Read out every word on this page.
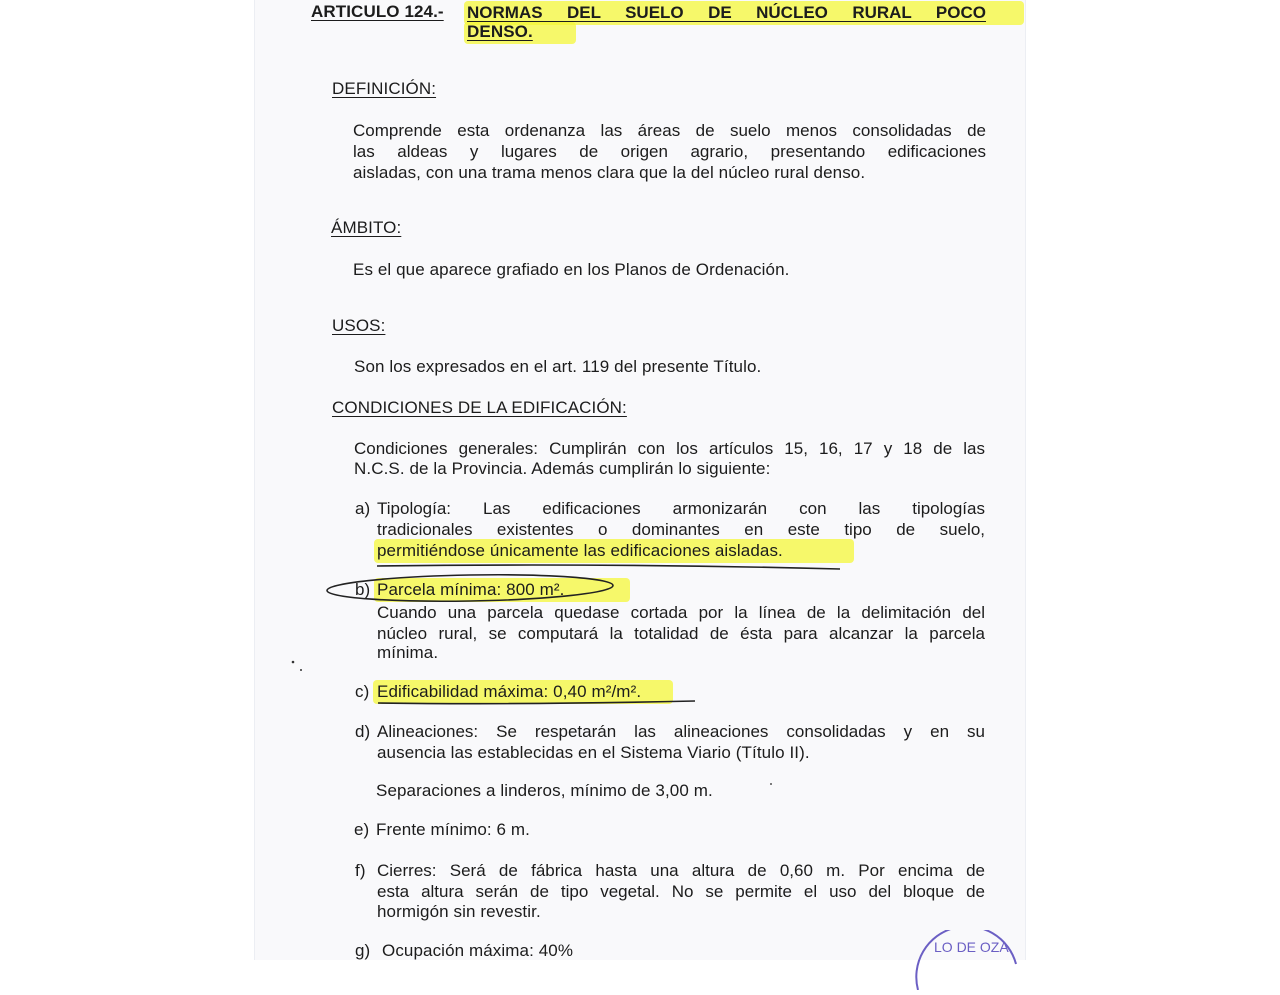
ARTICULO 124.- NORMAS DEL SUELO DE NÚCLEO RURAL POCO
DENSO.
DEFINICIÓN:
Comprende esta ordenanza las áreas de suelo menos consolidadas de
las aldeas y lugares de origen agrario, presentando edificaciones
aisladas, con una trama menos clara que la del núcleo rural denso.
ÁMBITO:
Es el que aparece grafiado en los Planos de Ordenación.
USOS:
Son los expresados en el art. 119 del presente Título.
CONDICIONES DE LA EDIFICACIÓN:
Condiciones generales: Cumplirán con los artículos 15, 16, 17 y 18 de las
N.C.S. de la Provincia. Además cumplirán lo siguiente:
a) Tipología: Las edificaciones armonizarán con las tipologías
tradicionales existentes o dominantes en este tipo de suelo,
permitiéndose únicamente las edificaciones aisladas.
b) Parcela mínima: 800 m².
Cuando una parcela quedase cortada por la línea de la delimitación del
núcleo rural, se computará la totalidad de ésta para alcanzar la parcela
mínima.
c) Edificabilidad máxima: 0,40 m²/m².
d) Alineaciones: Se respetarán las alineaciones consolidadas y en su
ausencia las establecidas en el Sistema Viario (Título II).
Separaciones a linderos, mínimo de 3,00 m.
e) Frente mínimo: 6 m.
f) Cierres: Será de fábrica hasta una altura de 0,60 m. Por encima de
esta altura serán de tipo vegetal. No se permite el uso del bloque de
hormigón sin revestir.
g) Ocupación máxima: 40%	LO DE OZA
